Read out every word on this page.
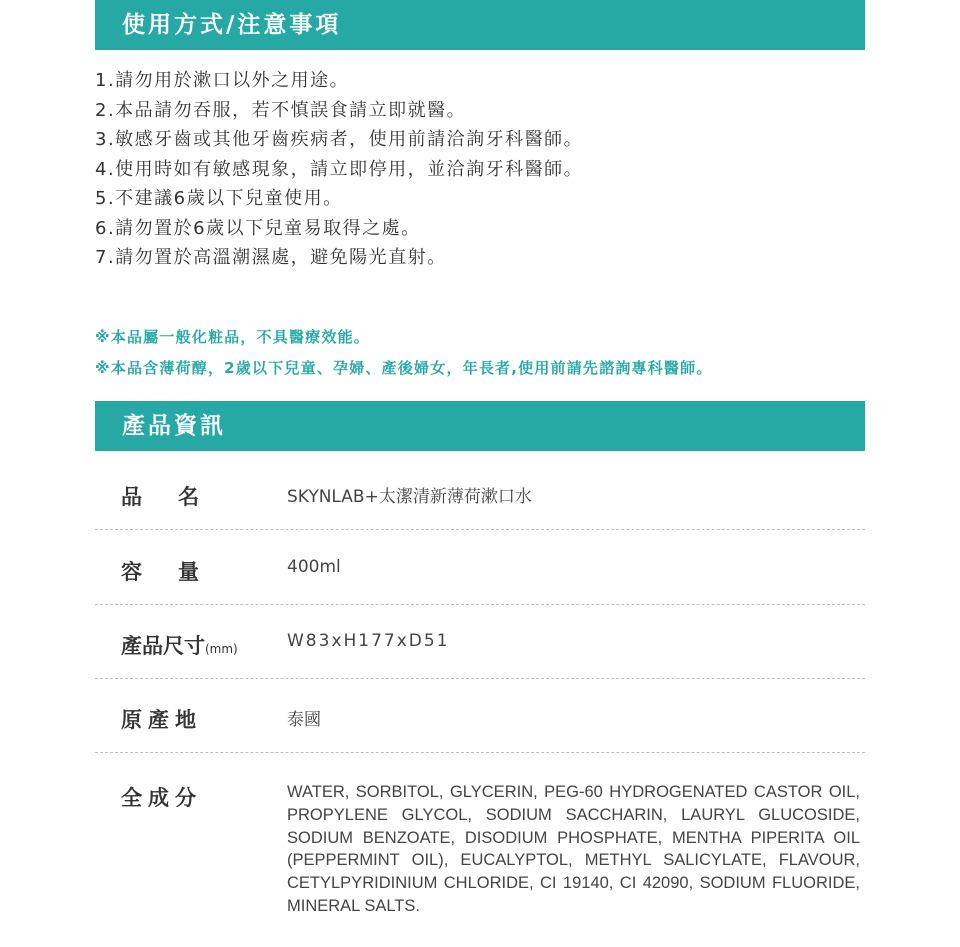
使用方式/注意事項
1.請勿用於漱口以外之用途。
2.本品請勿吞服，若不慎誤食請立即就醫。
3.敏感牙齒或其他牙齒疾病者，使用前請洽詢牙科醫師。
4.使用時如有敏感現象，請立即停用，並洽詢牙科醫師。
5.不建議6歲以下兒童使用。
6.請勿置於6歲以下兒童易取得之處。
7.請勿置於高溫潮濕處，避免陽光直射。
※本品屬一般化粧品，不具醫療效能。
※本品含薄荷醇，2歲以下兒童、孕婦、產後婦女，年長者,使用前請先諮詢專科醫師。
產品資訊
品名	SKYNLAB+太潔清新薄荷漱口水
容量	400ml
產品尺寸(mm)	W83xH177xD51
原產地	泰國
全成分	WATER, SORBITOL, GLYCERIN, PEG-60 HYDROGENATED CASTOR OIL, PROPYLENE GLYCOL, SODIUM SACCHARIN, LAURYL GLUCOSIDE, SODIUM BENZOATE, DISODIUM PHOSPHATE, MENTHA PIPERITA OIL (PEPPERMINT OIL), EUCALYPTOL, METHYL SALICYLATE, FLAVOUR, CETYLPYRIDINIUM CHLORIDE, CI 19140, CI 42090, SODIUM FLUORIDE, MINERAL SALTS.
